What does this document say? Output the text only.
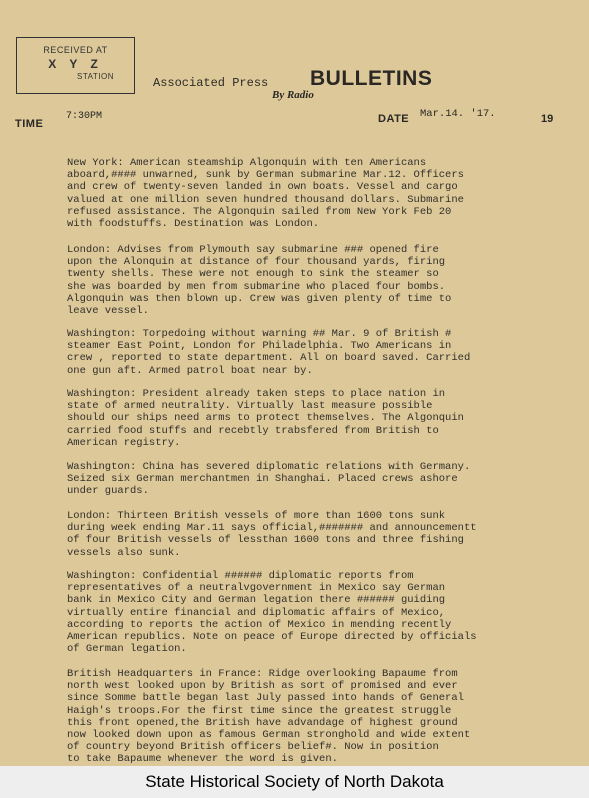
RECEIVED AT
X Y Z
STATION	Associated Press BULLETINS
By Radio
TIME
7:30PM	DATE Mar.14. '17.	19

New York: American steamship Algonquin with ten Americans
aboard,#### unwarned, sunk by German submarine Mar.12. Officers
and crew of twenty-seven landed in own boats. Vessel and cargo
valued at one million seven hundred thousand dollars. Submarine
refused assistance. The Algonquin sailed from New York Feb 20
with foodstuffs. Destination was London.

London: Advises from Plymouth say submarine ### opened fire
upon the Alonquin at distance of four thousand yards, firing
twenty shells. These were not enough to sink the steamer so
she was boarded by men from submarine who placed four bombs.
Algonquin was then blown up. Crew was given plenty of time to
leave vessel.

Washington: Torpedoing without warning ## Mar. 9 of British #
steamer East Point, London for Philadelphia. Two Americans in
crew , reported to state department. All on board saved. Carried
one gun aft. Armed patrol boat near by.

Washington: President already taken steps to place nation in
state of armed neutrality. Virtually last measure possible
should our ships need arms to protect themselves. The Algonquin
carried food stuffs and recebtly trabsfered from British to
American registry.

Washington: China has severed diplomatic relations with Germany.
Seized six German merchantmen in Shanghai. Placed crews ashore
under guards.

London: Thirteen British vessels of more than 1600 tons sunk
during week ending Mar.11 says official,####### and announcementt
of four British vessels of lessthan 1600 tons and three fishing
vessels also sunk.

Washington: Confidential ###### diplomatic reports from
representatives of a neutralvgovernment in Mexico say German
bank in Mexico City and German legation there ###### guiding
virtually entire financial and diplomatic affairs of Mexico,
according to reports the action of Mexico in mending recently
American republics. Note on peace of Europe directed by officials
of German legation.

British Headquarters in France: Ridge overlooking Bapaume from
north west looked upon by British as sort of promised and ever
since Somme battle began last July passed into hands of General
Haigh's troops.For the first time since the greatest struggle
this front opened,the British have advandage of highest ground
now looked down upon as famous German stronghold and wide extent
of country beyond British officers belief#. Now in position
to take Bapaume whenever the word is given.

State Historical Society of North Dakota
